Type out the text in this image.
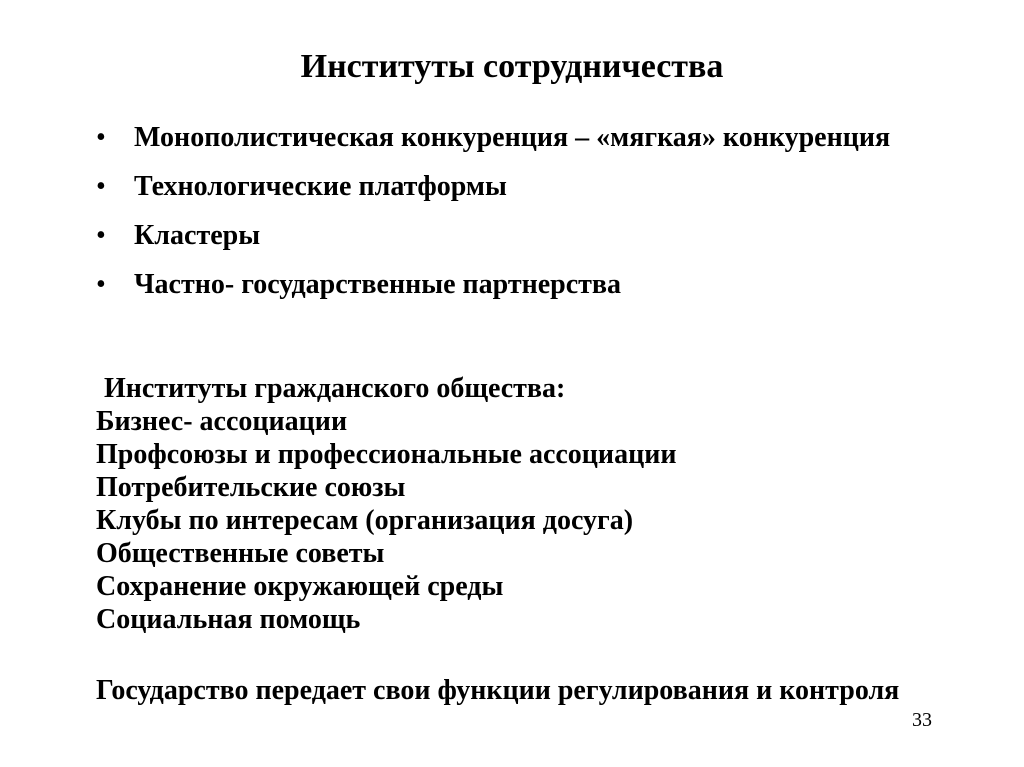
Институты сотрудничества
• Монополистическая конкуренция – «мягкая» конкуренция
• Технологические платформы
• Кластеры
• Частно- государственные партнерства
Институты гражданского общества:
Бизнес- ассоциации
Профсоюзы и профессиональные ассоциации
Потребительские союзы
Клубы по интересам (организация досуга)
Общественные советы
Сохранение окружающей среды
Социальная помощь
Государство передает свои функции регулирования и контроля
33
